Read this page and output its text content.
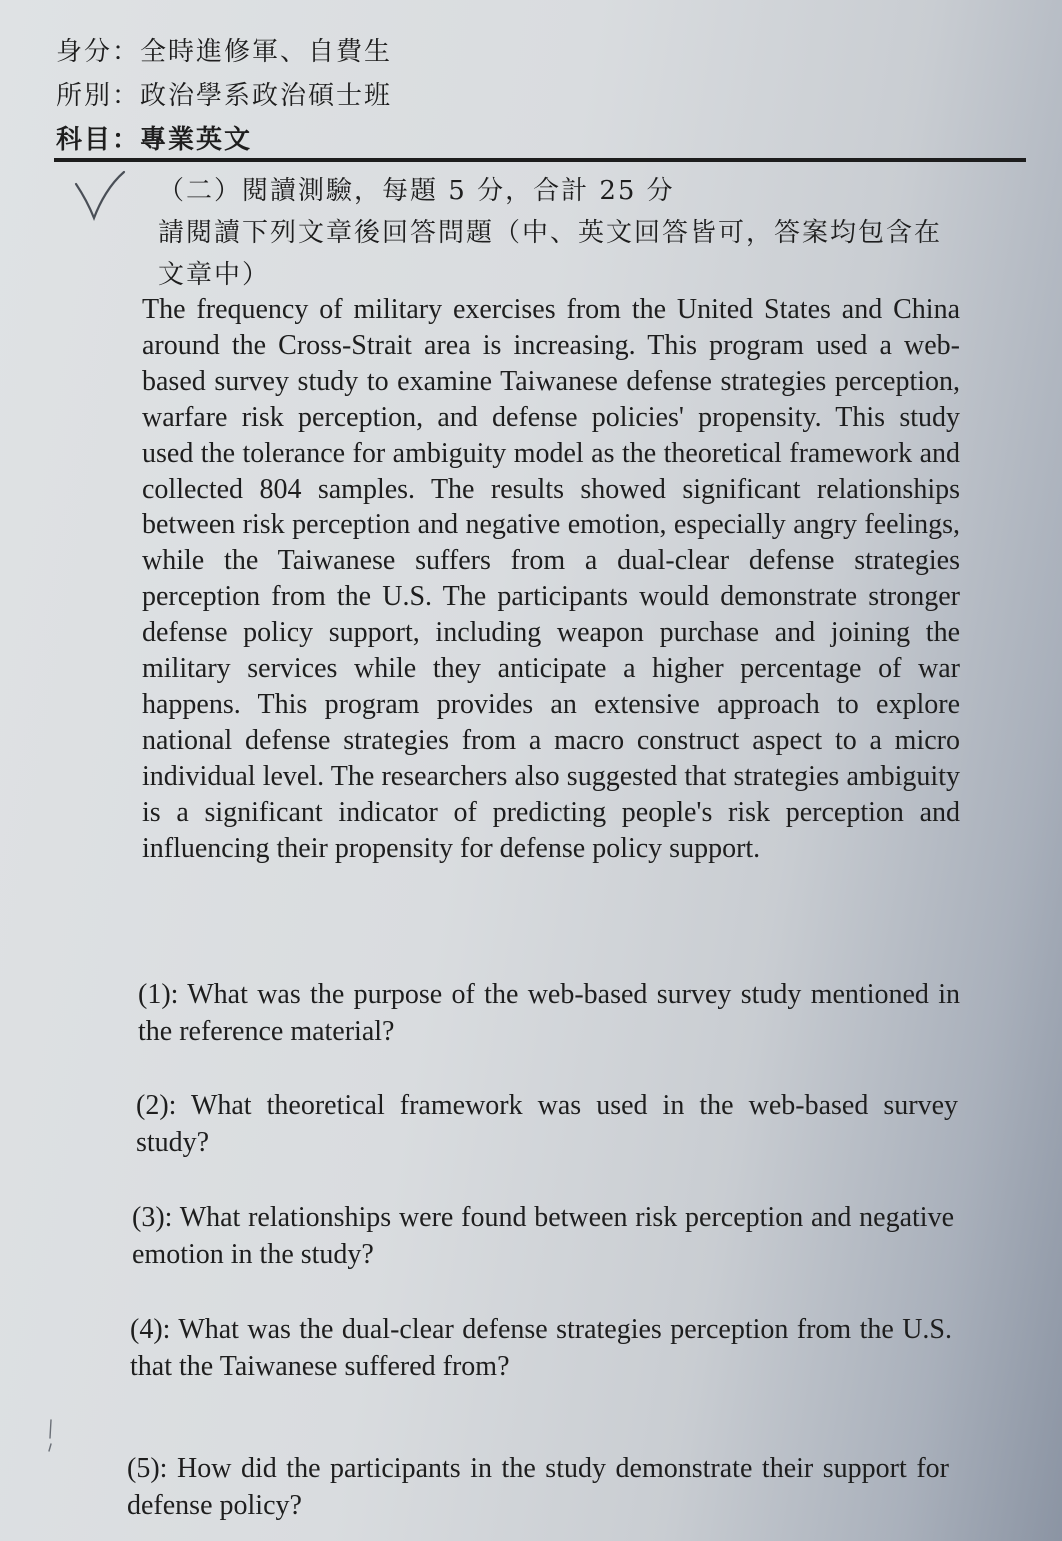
身分：全時進修軍、自費生
所別：政治學系政治碩士班
科目：專業英文

（二）閱讀測驗，每題 5 分，合計 25 分

請閱讀下列文章後回答問題（中、英文回答皆可，答案均包含在文章中）

The frequency of military exercises from the United States and China around the Cross-Strait area is increasing. This program used a web-based survey study to examine Taiwanese defense strategies perception, warfare risk perception, and defense policies' propensity. This study used the tolerance for ambiguity model as the theoretical framework and collected 804 samples. The results showed significant relationships between risk perception and negative emotion, especially angry feelings, while the Taiwanese suffers from a dual-clear defense strategies perception from the U.S. The participants would demonstrate stronger defense policy support, including weapon purchase and joining the military services while they anticipate a higher percentage of war happens. This program provides an extensive approach to explore national defense strategies from a macro construct aspect to a micro individual level. The researchers also suggested that strategies ambiguity is a significant indicator of predicting people's risk perception and influencing their propensity for defense policy support.

(1): What was the purpose of the web-based survey study mentioned in the reference material?

(2): What theoretical framework was used in the web-based survey study?

(3): What relationships were found between risk perception and negative emotion in the study?

(4): What was the dual-clear defense strategies perception from the U.S. that the Taiwanese suffered from?

(5): How did the participants in the study demonstrate their support for defense policy?
